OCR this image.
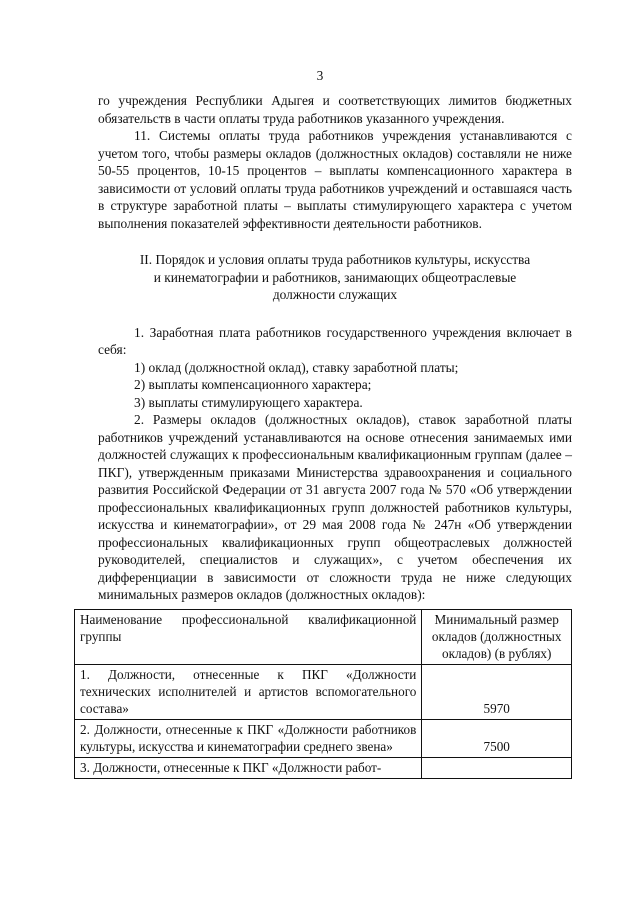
3

го учреждения Республики Адыгея и соответствующих лимитов бюджетных обязательств в части оплаты труда работников указанного учреждения.

11. Системы оплаты труда работников учреждения устанавливаются с учетом того, чтобы размеры окладов (должностных окладов) составляли не ниже 50-55 процентов, 10-15 процентов – выплаты компенсационного характера в зависимости от условий оплаты труда работников учреждений и оставшаяся часть в структуре заработной платы – выплаты стимулирующего характера с учетом выполнения показателей эффективности деятельности работников.

II. Порядок и условия оплаты труда работников культуры, искусства
и кинематографии и работников, занимающих общеотраслевые
должности служащих

1. Заработная плата работников государственного учреждения включает в себя:

1) оклад (должностной оклад), ставку заработной платы;

2) выплаты компенсационного характера;

3) выплаты стимулирующего характера.

2. Размеры окладов (должностных окладов), ставок заработной платы работников учреждений устанавливаются на основе отнесения занимаемых ими должностей служащих к профессиональным квалификационным группам (далее – ПКГ), утвержденным приказами Министерства здравоохранения и социального развития Российской Федерации от 31 августа 2007 года № 570 «Об утверждении профессиональных квалификационных групп должностей работников культуры, искусства и кинематографии», от 29 мая 2008 года № 247н «Об утверждении профессиональных квалификационных групп общеотраслевых должностей руководителей, специалистов и служащих», с учетом обеспечения их дифференциации в зависимости от сложности труда не ниже следующих минимальных размеров окладов (должностных окладов):

Наименование профессиональной квалификационной группы	Минимальный размер окладов (должностных окладов) (в рублях)
1. Должности, отнесенные к ПКГ «Должности технических исполнителей и артистов вспомогательного состава»	5970
2. Должности, отнесенные к ПКГ «Должности работников культуры, искусства и кинематографии среднего звена»	7500
3. Должности, отнесенные к ПКГ «Должности работ-	
